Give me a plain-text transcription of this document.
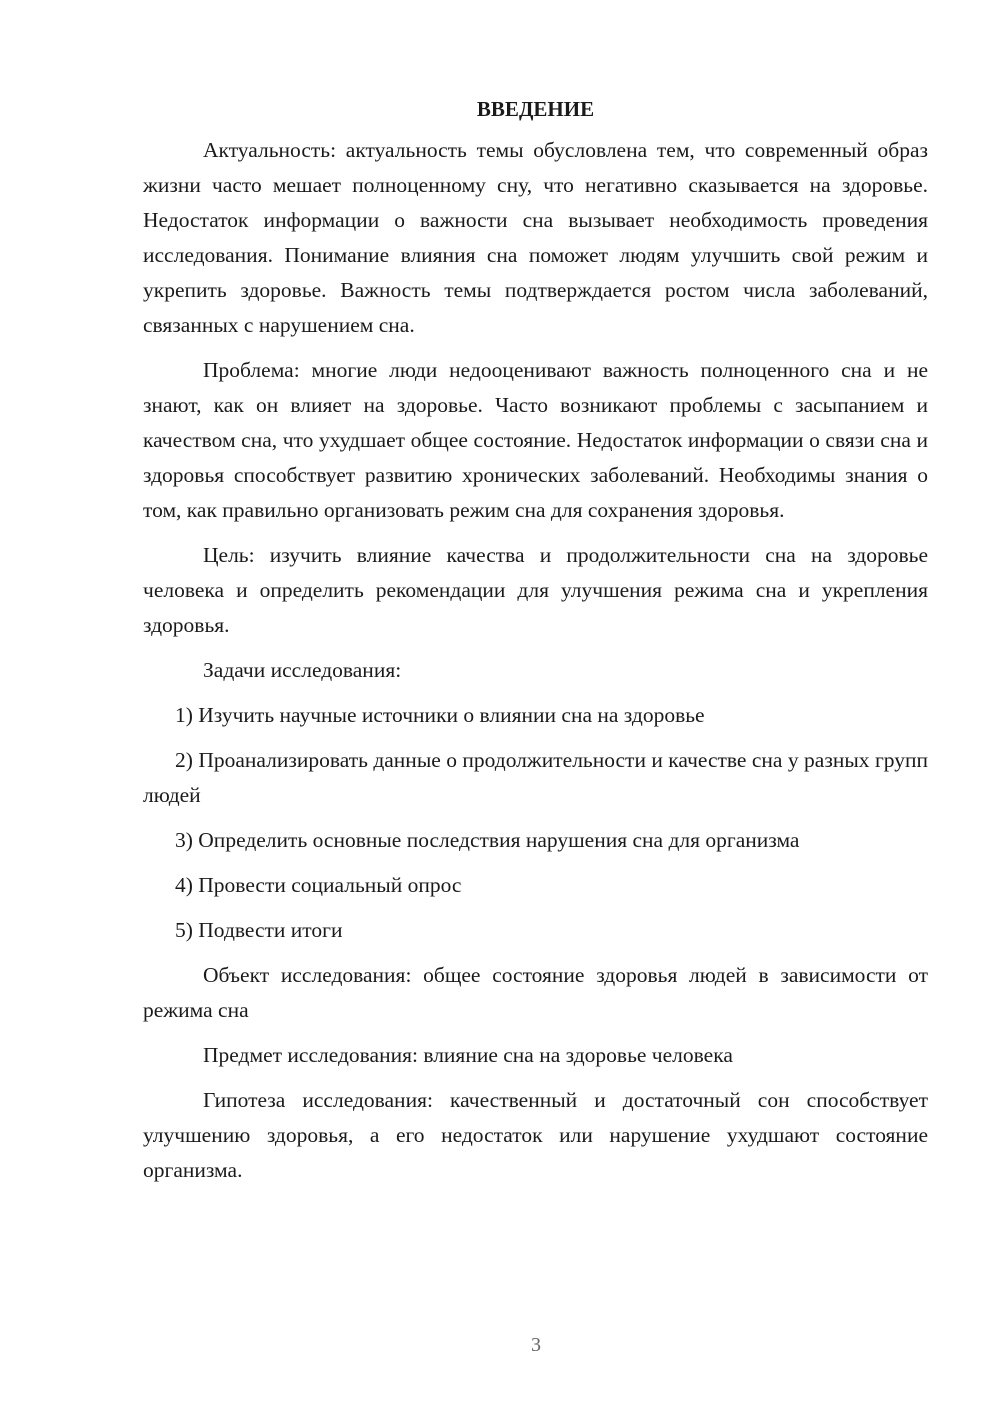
ВВЕДЕНИЕ

Актуальность: актуальность темы обусловлена тем, что современный образ жизни часто мешает полноценному сну, что негативно сказывается на здоровье. Недостаток информации о важности сна вызывает необходимость проведения исследования. Понимание влияния сна поможет людям улучшить свой режим и укрепить здоровье. Важность темы подтверждается ростом числа заболеваний, связанных с нарушением сна.

Проблема: многие люди недооценивают важность полноценного сна и не знают, как он влияет на здоровье. Часто возникают проблемы с засыпанием и качеством сна, что ухудшает общее состояние. Недостаток информации о связи сна и здоровья способствует развитию хронических заболеваний. Необходимы знания о том, как правильно организовать режим сна для сохранения здоровья.

Цель: изучить влияние качества и продолжительности сна на здоровье человека и определить рекомендации для улучшения режима сна и укрепления здоровья.

Задачи исследования:

1) Изучить научные источники о влиянии сна на здоровье

2) Проанализировать данные о продолжительности и качестве сна у разных групп людей

3) Определить основные последствия нарушения сна для организма

4) Провести социальный опрос

5) Подвести итоги

Объект исследования: общее состояние здоровья людей в зависимости от режима сна

Предмет исследования: влияние сна на здоровье человека

Гипотеза исследования: качественный и достаточный сон способствует улучшению здоровья, а его недостаток или нарушение ухудшают состояние организма.

3
